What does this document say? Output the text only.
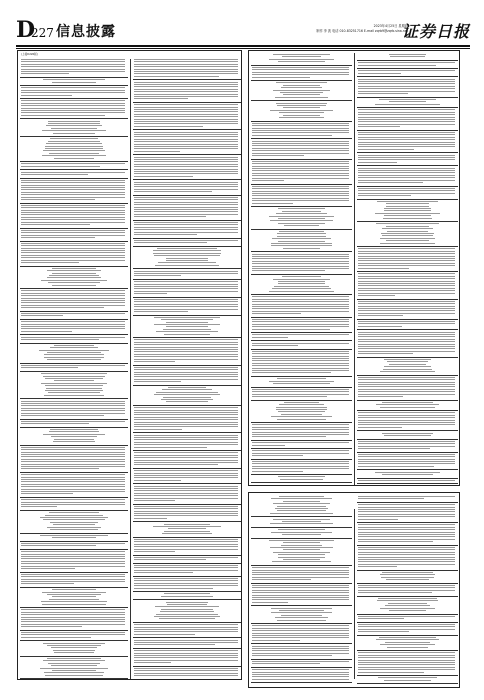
D
227 信息披露	2023年4月25日 星期四
制作 李 波 电话 010-83251716 E-mail zqrb9@zqrb.sina.net
证券日报
(上接D226版)
